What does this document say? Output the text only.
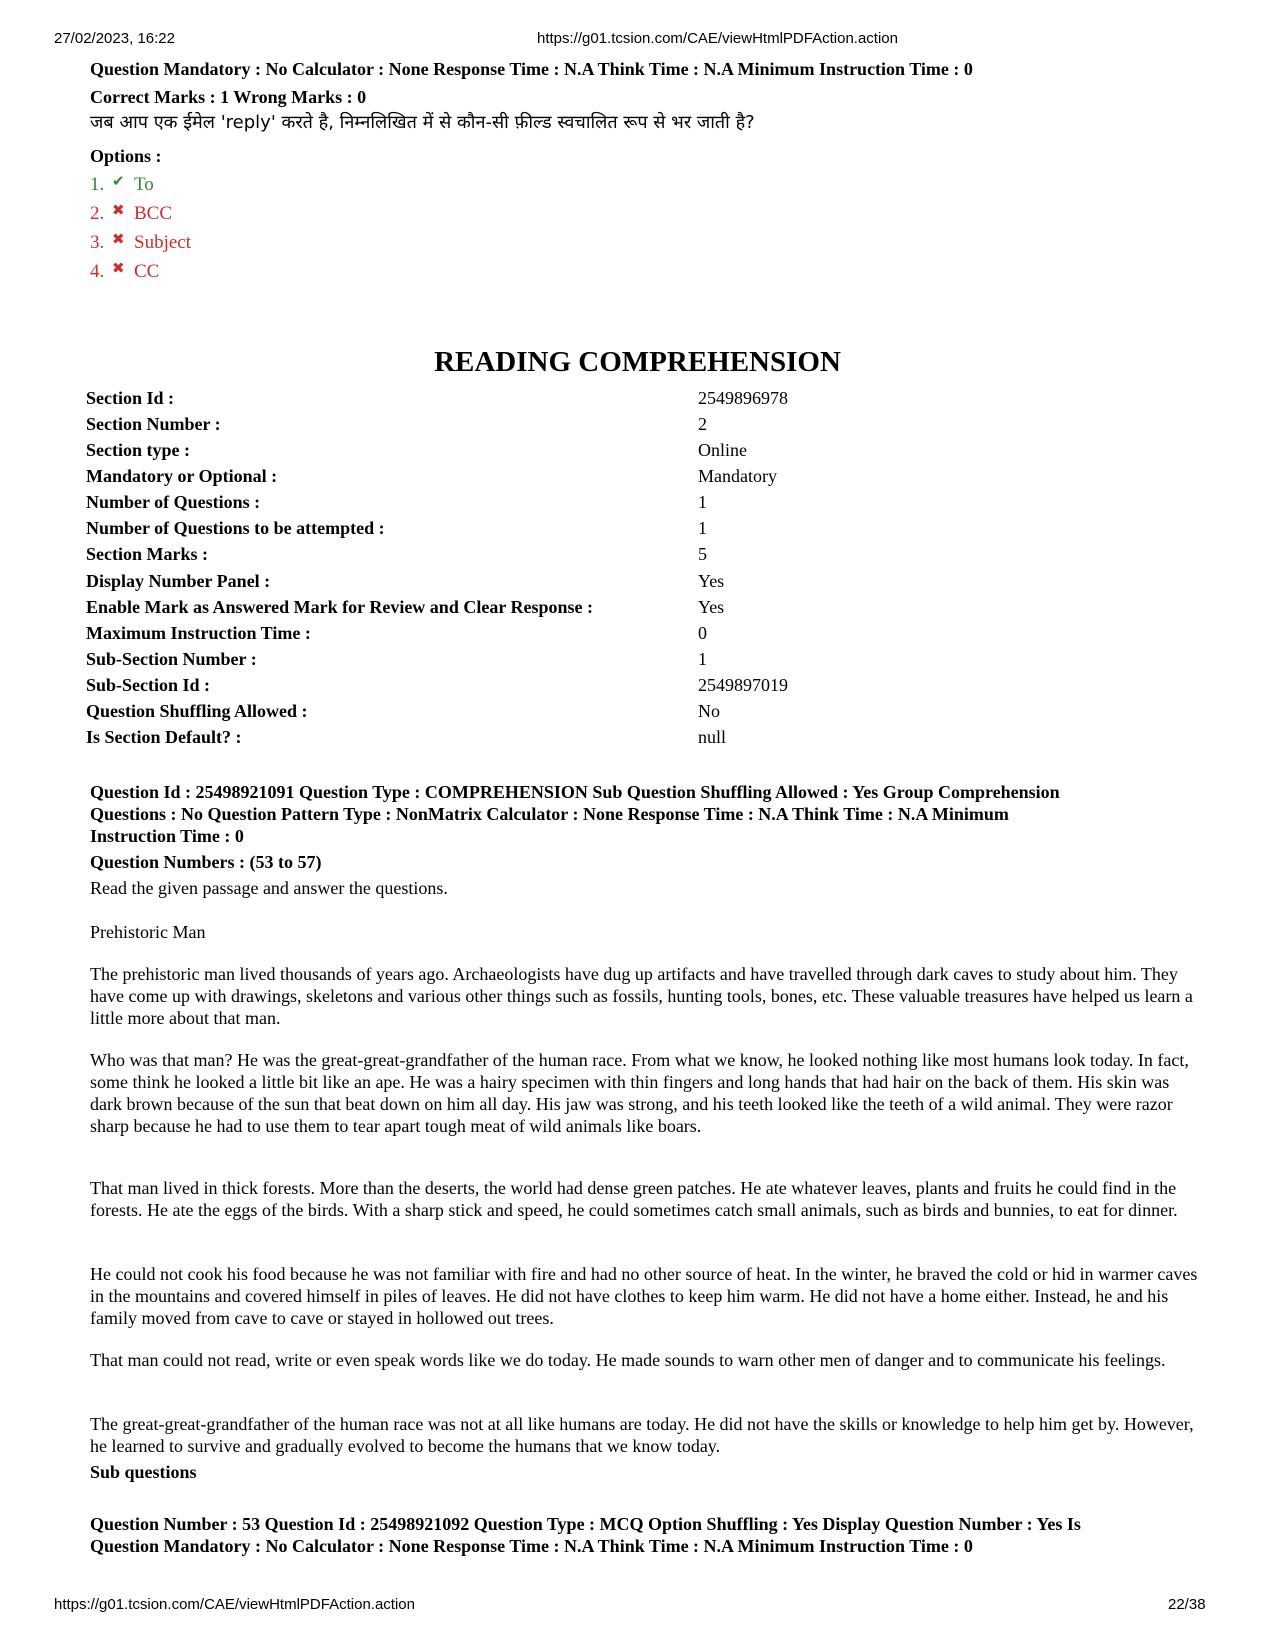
27/02/2023, 16:22	https://g01.tcsion.com/CAE/viewHtmlPDFAction.action
Question Mandatory : No Calculator : None Response Time : N.A Think Time : N.A Minimum Instruction Time : 0
Correct Marks : 1 Wrong Marks : 0
जब आप एक ईमेल 'reply' करते है, निम्नलिखित में से कौन-सी फ़ील्ड स्वचालित रूप से भर जाती है?
Options :
1. ✔ To
2. ✖ BCC
3. ✖ Subject
4. ✖ CC
READING COMPREHENSION
Section Id :	2549896978
Section Number :	2
Section type :	Online
Mandatory or Optional :	Mandatory
Number of Questions :	1
Number of Questions to be attempted :	1
Section Marks :	5
Display Number Panel :	Yes
Enable Mark as Answered Mark for Review and Clear Response :	Yes
Maximum Instruction Time :	0
Sub-Section Number :	1
Sub-Section Id :	2549897019
Question Shuffling Allowed :	No
Is Section Default? :	null
Question Id : 25498921091 Question Type : COMPREHENSION Sub Question Shuffling Allowed : Yes Group Comprehension
Questions : No Question Pattern Type : NonMatrix Calculator : None Response Time : N.A Think Time : N.A Minimum
Instruction Time : 0
Question Numbers : (53 to 57)
Read the given passage and answer the questions.
Prehistoric Man
The prehistoric man lived thousands of years ago. Archaeologists have dug up artifacts and have travelled through dark caves to study about him. They have come up with drawings, skeletons and various other things such as fossils, hunting tools, bones, etc. These valuable treasures have helped us learn a little more about that man.
Who was that man? He was the great-great-grandfather of the human race. From what we know, he looked nothing like most humans look today. In fact, some think he looked a little bit like an ape. He was a hairy specimen with thin fingers and long hands that had hair on the back of them. His skin was dark brown because of the sun that beat down on him all day. His jaw was strong, and his teeth looked like the teeth of a wild animal. They were razor sharp because he had to use them to tear apart tough meat of wild animals like boars.
That man lived in thick forests. More than the deserts, the world had dense green patches. He ate whatever leaves, plants and fruits he could find in the forests. He ate the eggs of the birds. With a sharp stick and speed, he could sometimes catch small animals, such as birds and bunnies, to eat for dinner.
He could not cook his food because he was not familiar with fire and had no other source of heat. In the winter, he braved the cold or hid in warmer caves in the mountains and covered himself in piles of leaves. He did not have clothes to keep him warm. He did not have a home either. Instead, he and his family moved from cave to cave or stayed in hollowed out trees.
That man could not read, write or even speak words like we do today. He made sounds to warn other men of danger and to communicate his feelings.
The great-great-grandfather of the human race was not at all like humans are today. He did not have the skills or knowledge to help him get by. However, he learned to survive and gradually evolved to become the humans that we know today.
Sub questions
Question Number : 53 Question Id : 25498921092 Question Type : MCQ Option Shuffling : Yes Display Question Number : Yes Is
Question Mandatory : No Calculator : None Response Time : N.A Think Time : N.A Minimum Instruction Time : 0
https://g01.tcsion.com/CAE/viewHtmlPDFAction.action	22/38
